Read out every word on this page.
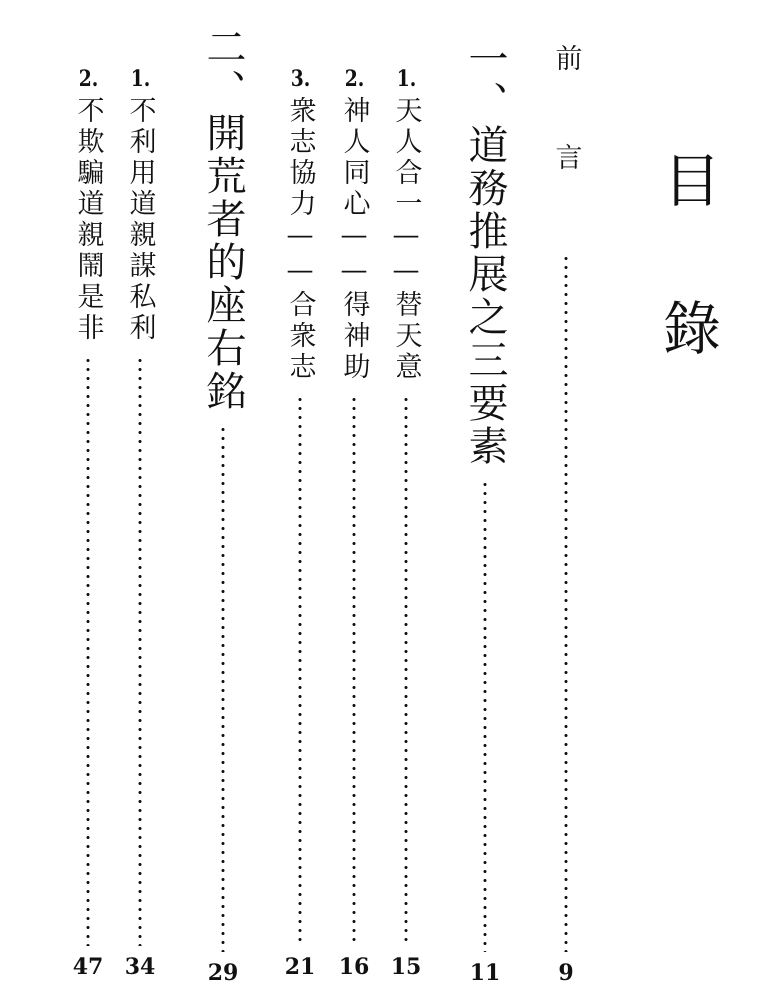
目錄
前言
9
一、道務推展之三要素
11
1.
天人合一——替天意
15
2.
神人同心——得神助
16
3.
衆志協力——合衆志
21
二、開荒者的座右銘
29
1.
不利用道親謀私利
34
2.
不欺騙道親鬧是非
47
